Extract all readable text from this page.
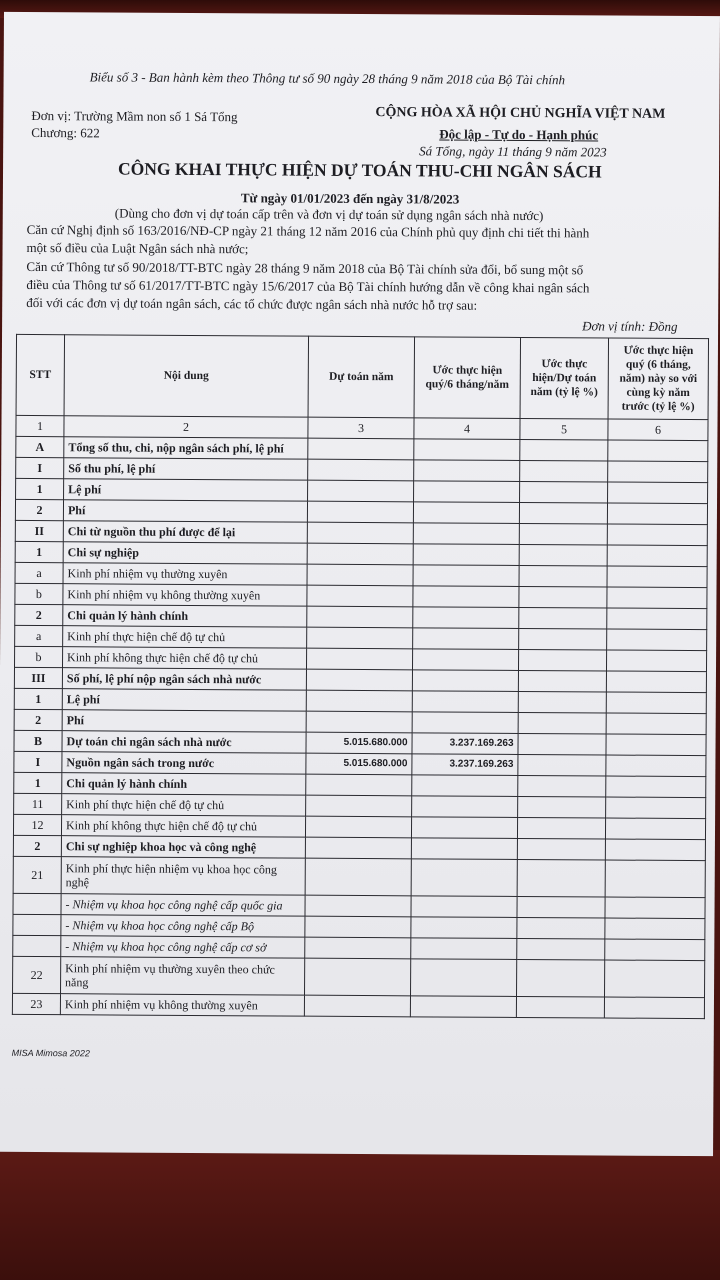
Biểu số 3 - Ban hành kèm theo Thông tư số 90 ngày 28 tháng 9 năm 2018 của Bộ Tài chính
Đơn vị: Trường Mầm non số 1 Sá Tổng
Chương: 622
CỘNG HÒA XÃ HỘI CHỦ NGHĨA VIỆT NAM
Độc lập - Tự do - Hạnh phúc
Sá Tổng, ngày 11 tháng 9 năm 2023
CÔNG KHAI THỰC HIỆN DỰ TOÁN THU-CHI NGÂN SÁCH
Từ ngày 01/01/2023 đến ngày 31/8/2023
(Dùng cho đơn vị dự toán cấp trên và đơn vị dự toán sử dụng ngân sách nhà nước)
Căn cứ Nghị định số 163/2016/NĐ-CP ngày 21 tháng 12 năm 2016 của Chính phủ quy định chi tiết thi hành
một số điều của Luật Ngân sách nhà nước;
Căn cứ Thông tư số 90/2018/TT-BTC ngày 28 tháng 9 năm 2018 của Bộ Tài chính sửa đổi, bổ sung một số
điều của Thông tư số 61/2017/TT-BTC ngày 15/6/2017 của Bộ Tài chính hướng dẫn về công khai ngân sách
đối với các đơn vị dự toán ngân sách, các tổ chức được ngân sách nhà nước hỗ trợ sau:
Đơn vị tính: Đồng
STT	Nội dung	Dự toán năm	Ước thực hiện quý/6 tháng/năm	Ước thực hiện/Dự toán năm (tỷ lệ %)	Ước thực hiện quý (6 tháng, năm) này so với cùng kỳ năm trước (tỷ lệ %)
1	2	3	4	5	6
A	Tổng số thu, chi, nộp ngân sách phí, lệ phí				
I	Số thu phí, lệ phí				
1	Lệ phí				
2	Phí				
II	Chi từ nguồn thu phí được để lại				
1	Chi sự nghiệp				
a	Kinh phí nhiệm vụ thường xuyên				
b	Kinh phí nhiệm vụ không thường xuyên				
2	Chi quản lý hành chính				
a	Kinh phí thực hiện chế độ tự chủ				
b	Kinh phí không thực hiện chế độ tự chủ				
III	Số phí, lệ phí nộp ngân sách nhà nước				
1	Lệ phí				
2	Phí				
B	Dự toán chi ngân sách nhà nước	5.015.680.000	3.237.169.263		
I	Nguồn ngân sách trong nước	5.015.680.000	3.237.169.263		
1	Chi quản lý hành chính				
11	Kinh phí thực hiện chế độ tự chủ				
12	Kinh phí không thực hiện chế độ tự chủ				
2	Chi sự nghiệp khoa học và công nghệ				
21	Kinh phí thực hiện nhiệm vụ khoa học công nghệ				
	- Nhiệm vụ khoa học công nghệ cấp quốc gia				
	- Nhiệm vụ khoa học công nghệ cấp Bộ				
	- Nhiệm vụ khoa học công nghệ cấp cơ sở				
22	Kinh phí nhiệm vụ thường xuyên theo chức năng				
23	Kinh phí nhiệm vụ không thường xuyên				
MISA Mimosa 2022
